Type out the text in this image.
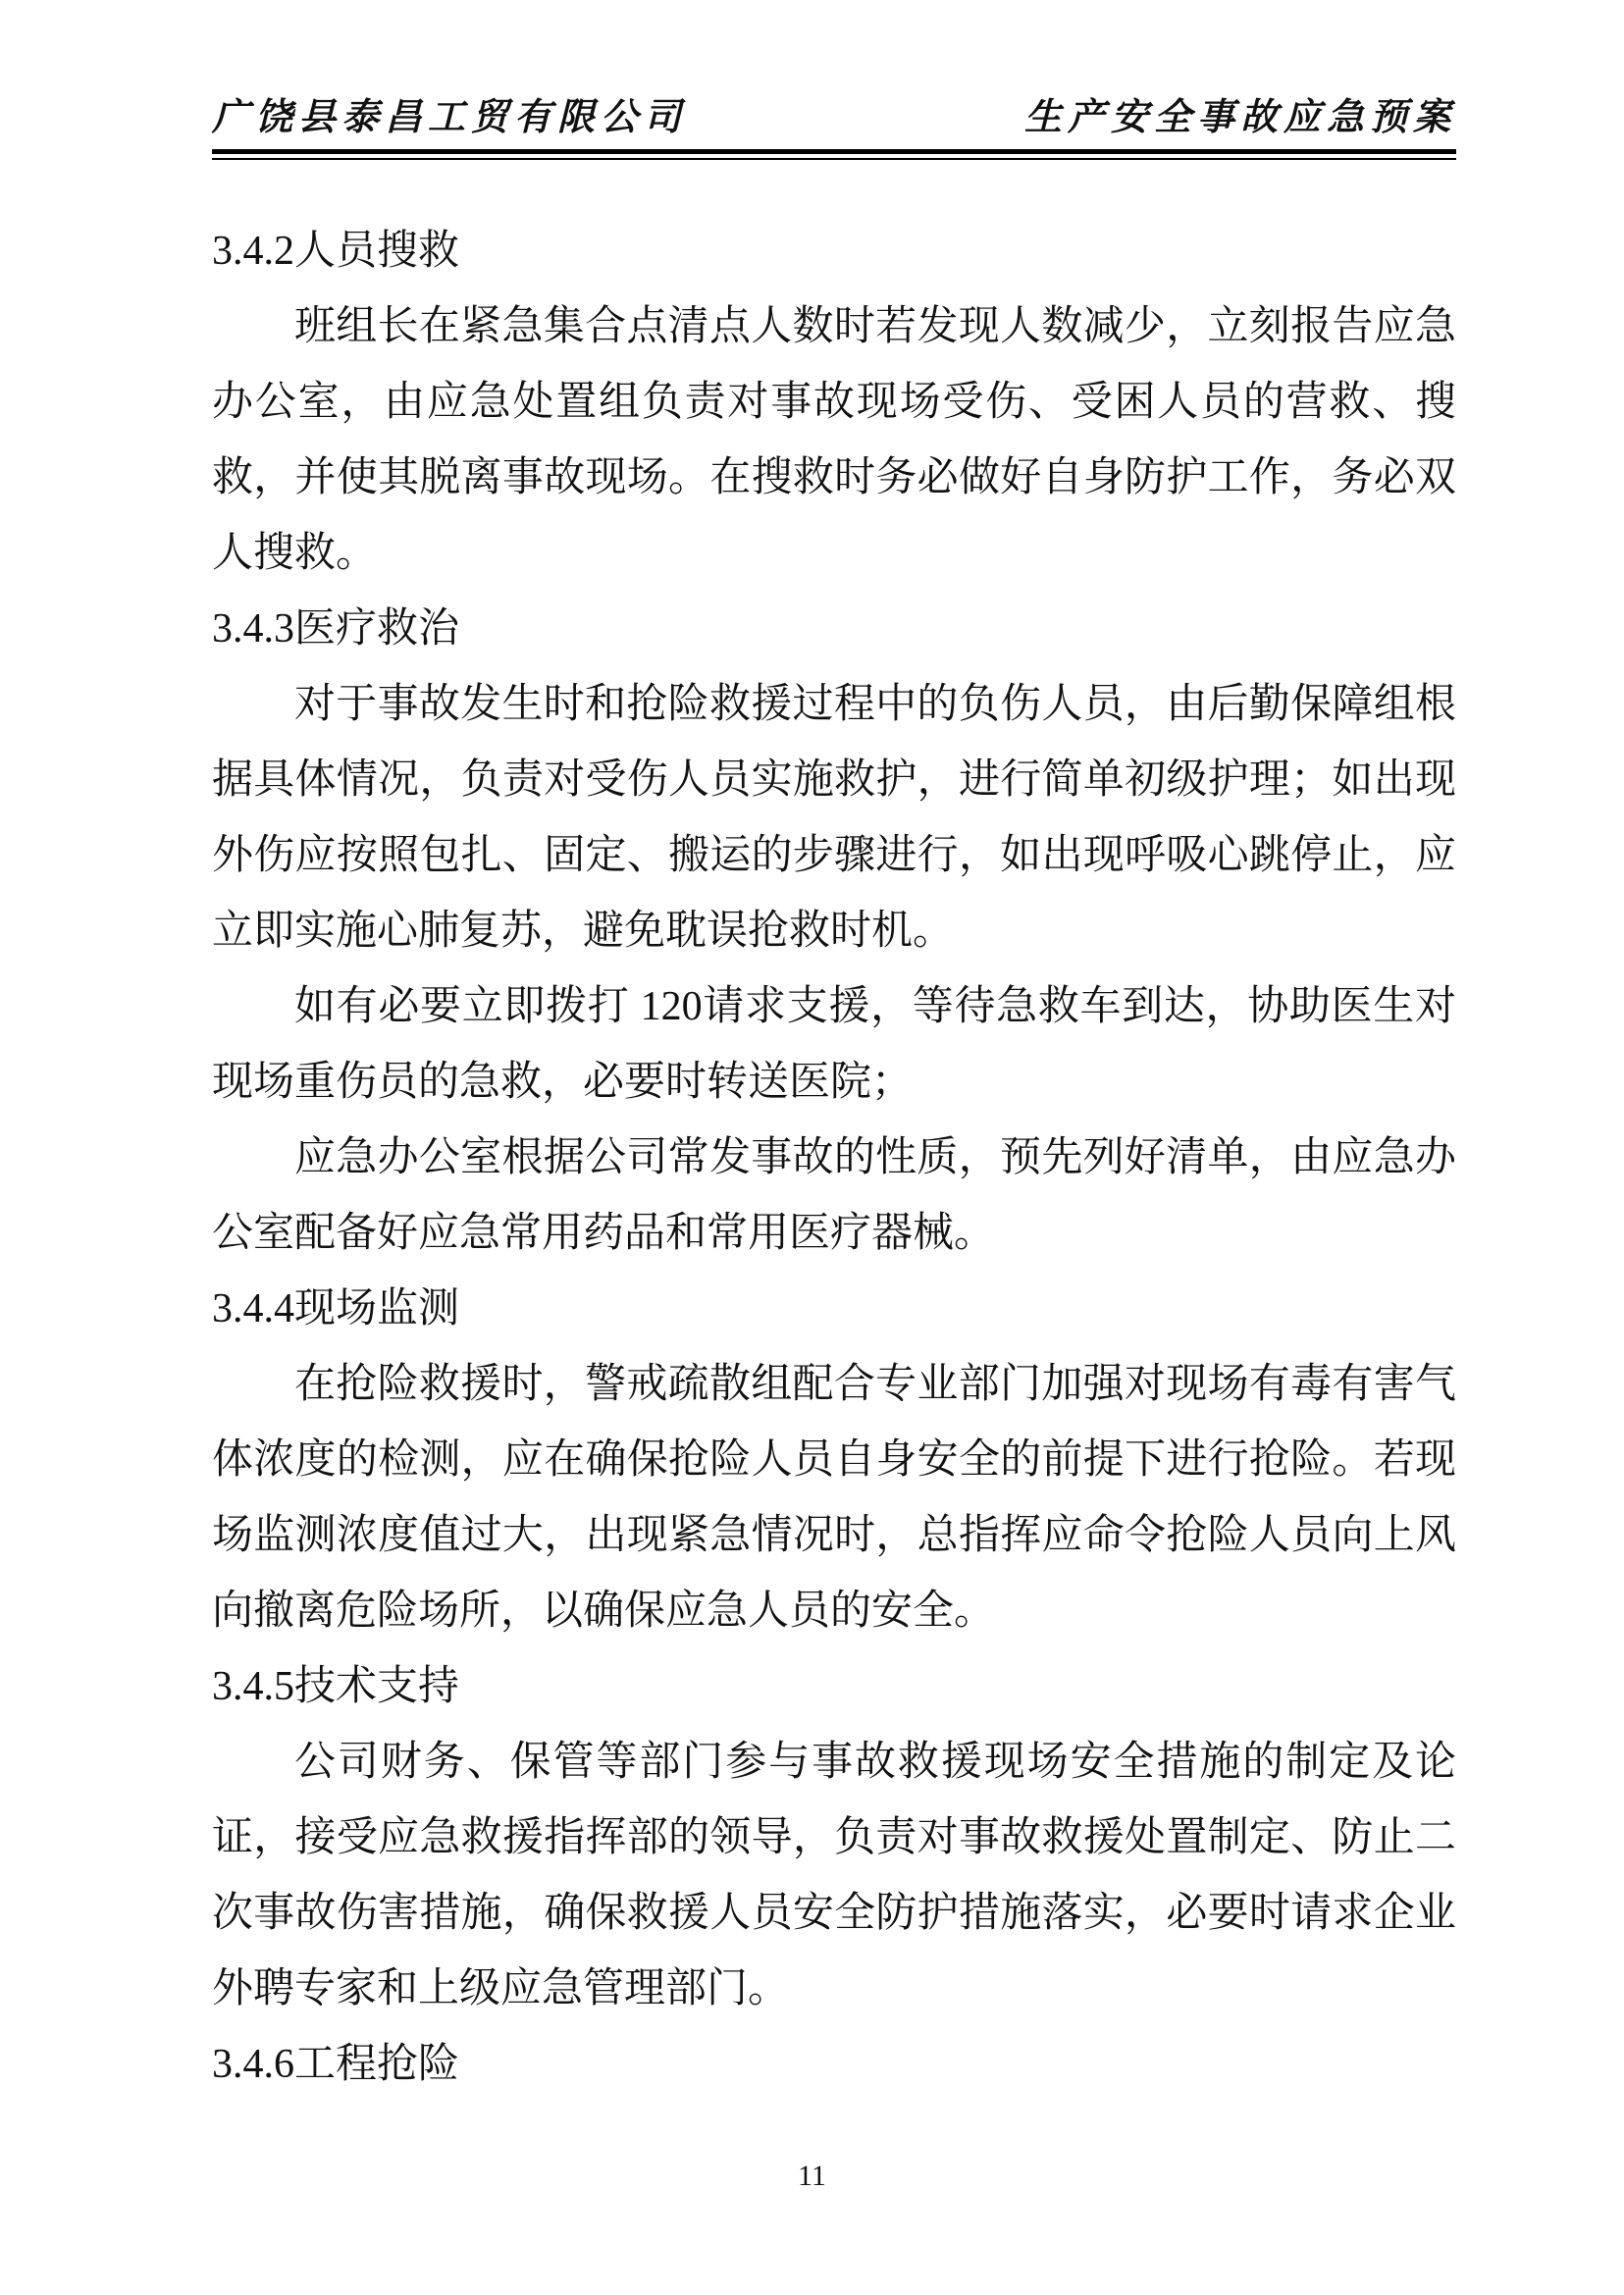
广饶县泰昌工贸有限公司	生产安全事故应急预案
3.4.2人员搜救

班组长在紧急集合点清点人数时若发现人数减少，立刻报告应急办公室，由应急处置组负责对事故现场受伤、受困人员的营救、搜救，并使其脱离事故现场。在搜救时务必做好自身防护工作，务必双人搜救。

3.4.3医疗救治

对于事故发生时和抢险救援过程中的负伤人员，由后勤保障组根据具体情况，负责对受伤人员实施救护，进行简单初级护理；如出现外伤应按照包扎、固定、搬运的步骤进行，如出现呼吸心跳停止，应立即实施心肺复苏，避免耽误抢救时机。

如有必要立即拨打 120请求支援，等待急救车到达，协助医生对现场重伤员的急救，必要时转送医院；

应急办公室根据公司常发事故的性质，预先列好清单，由应急办公室配备好应急常用药品和常用医疗器械。

3.4.4现场监测

在抢险救援时，警戒疏散组配合专业部门加强对现场有毒有害气体浓度的检测，应在确保抢险人员自身安全的前提下进行抢险。若现场监测浓度值过大，出现紧急情况时，总指挥应命令抢险人员向上风向撤离危险场所，以确保应急人员的安全。

3.4.5技术支持

公司财务、保管等部门参与事故救援现场安全措施的制定及论证，接受应急救援指挥部的领导，负责对事故救援处置制定、防止二次事故伤害措施，确保救援人员安全防护措施落实，必要时请求企业外聘专家和上级应急管理部门。

3.4.6工程抢险
11
